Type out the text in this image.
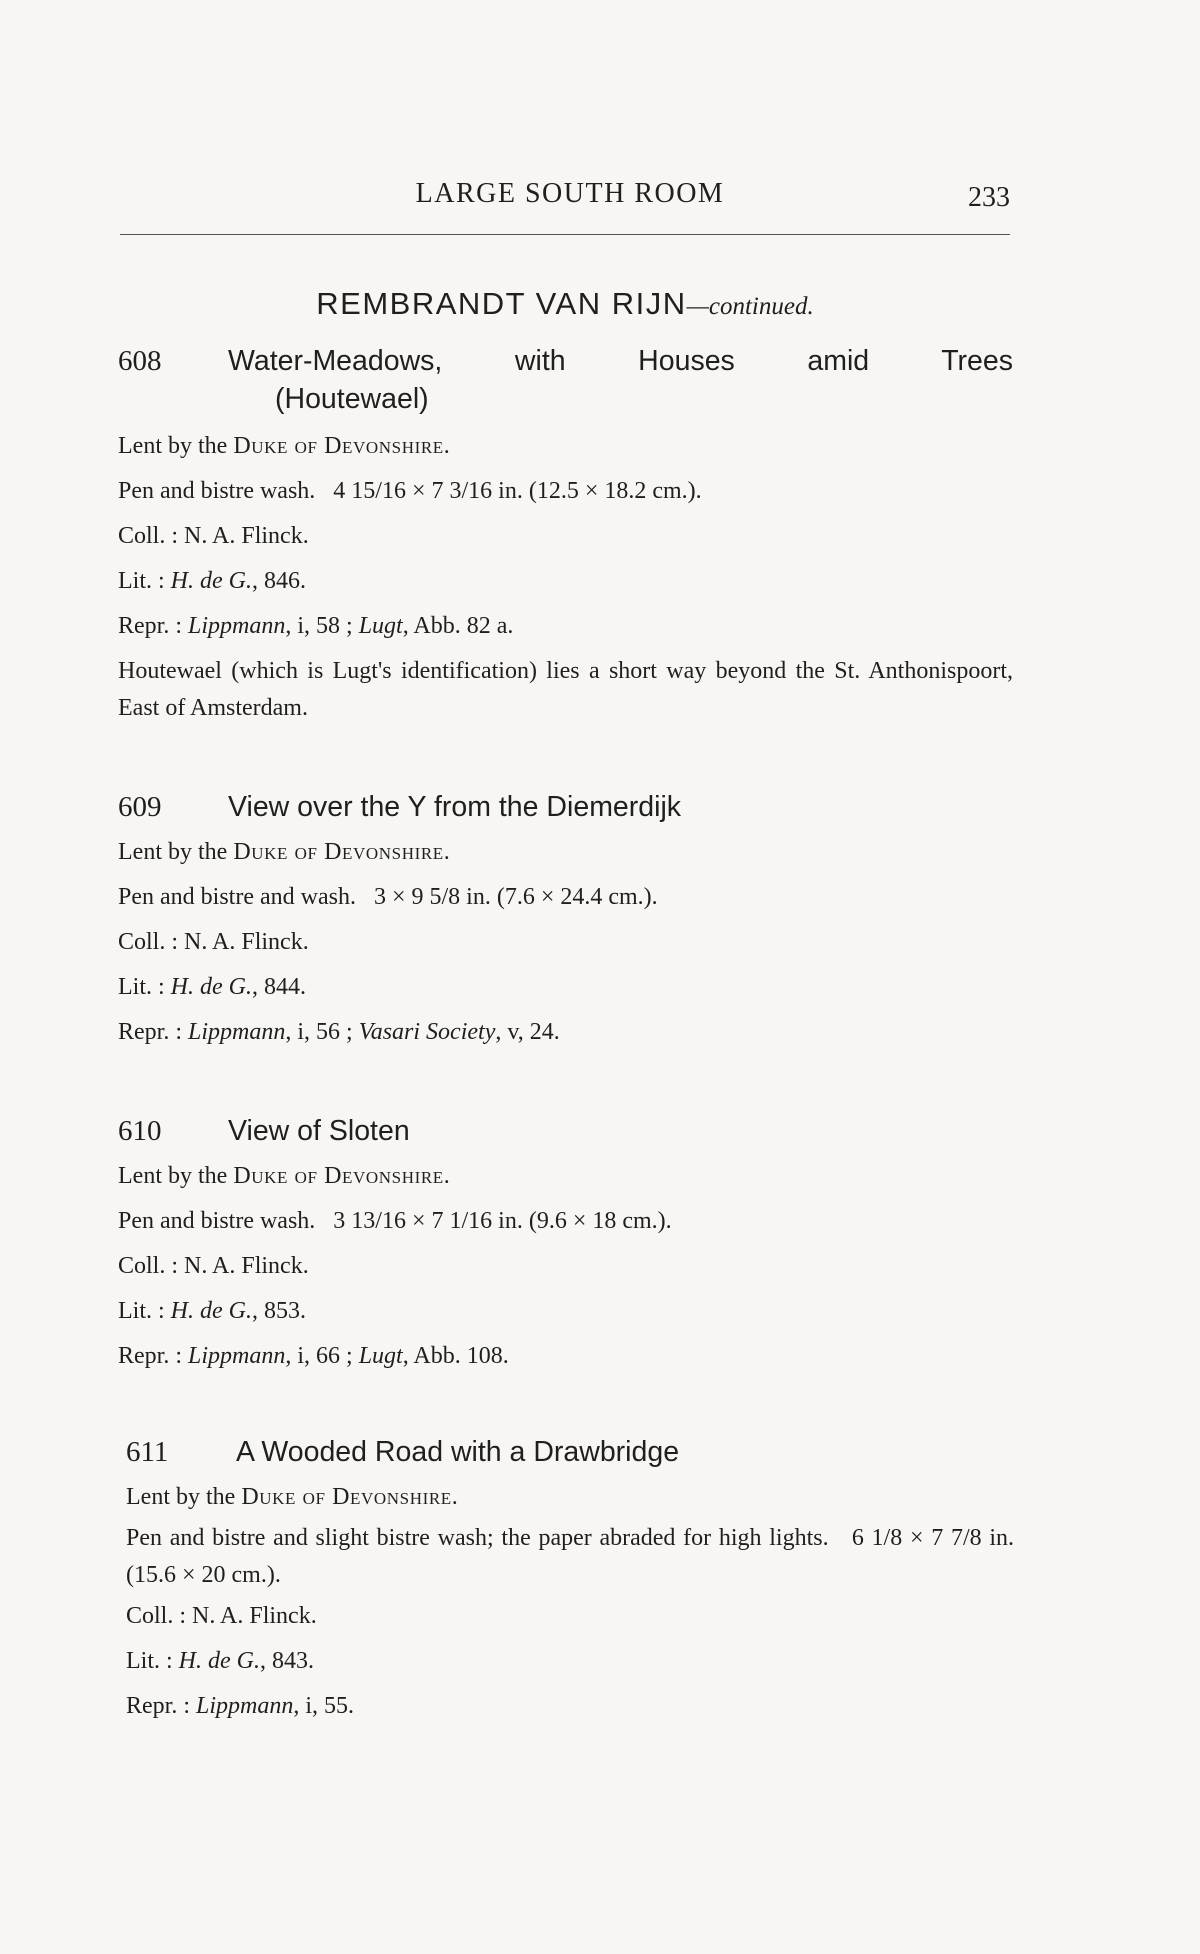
LARGE SOUTH ROOM	233
REMBRANDT VAN RIJN—continued.
608 Water-Meadows, with Houses amid Trees
(Houtewael)
Lent by the Duke of Devonshire.
Pen and bistre wash. 4 15/16 × 7 3/16 in. (12.5 × 18.2 cm.).
Coll. : N. A. Flinck.
Lit. : H. de G., 846.
Repr. : Lippmann, i, 58 ; Lugt, Abb. 82 a.
Houtewael (which is Lugt's identification) lies a short way beyond the St. Anthonispoort, East of Amsterdam.
609 View over the Y from the Diemerdijk
Lent by the Duke of Devonshire.
Pen and bistre and wash. 3 × 9 5/8 in. (7.6 × 24.4 cm.).
Coll. : N. A. Flinck.
Lit. : H. de G., 844.
Repr. : Lippmann, i, 56 ; Vasari Society, v, 24.
610 View of Sloten
Lent by the Duke of Devonshire.
Pen and bistre wash. 3 13/16 × 7 1/16 in. (9.6 × 18 cm.).
Coll. : N. A. Flinck.
Lit. : H. de G., 853.
Repr. : Lippmann, i, 66 ; Lugt, Abb. 108.
611 A Wooded Road with a Drawbridge
Lent by the Duke of Devonshire.
Pen and bistre and slight bistre wash; the paper abraded for high lights. 6 1/8 × 7 7/8 in. (15.6 × 20 cm.).
Coll. : N. A. Flinck.
Lit. : H. de G., 843.
Repr. : Lippmann, i, 55.
